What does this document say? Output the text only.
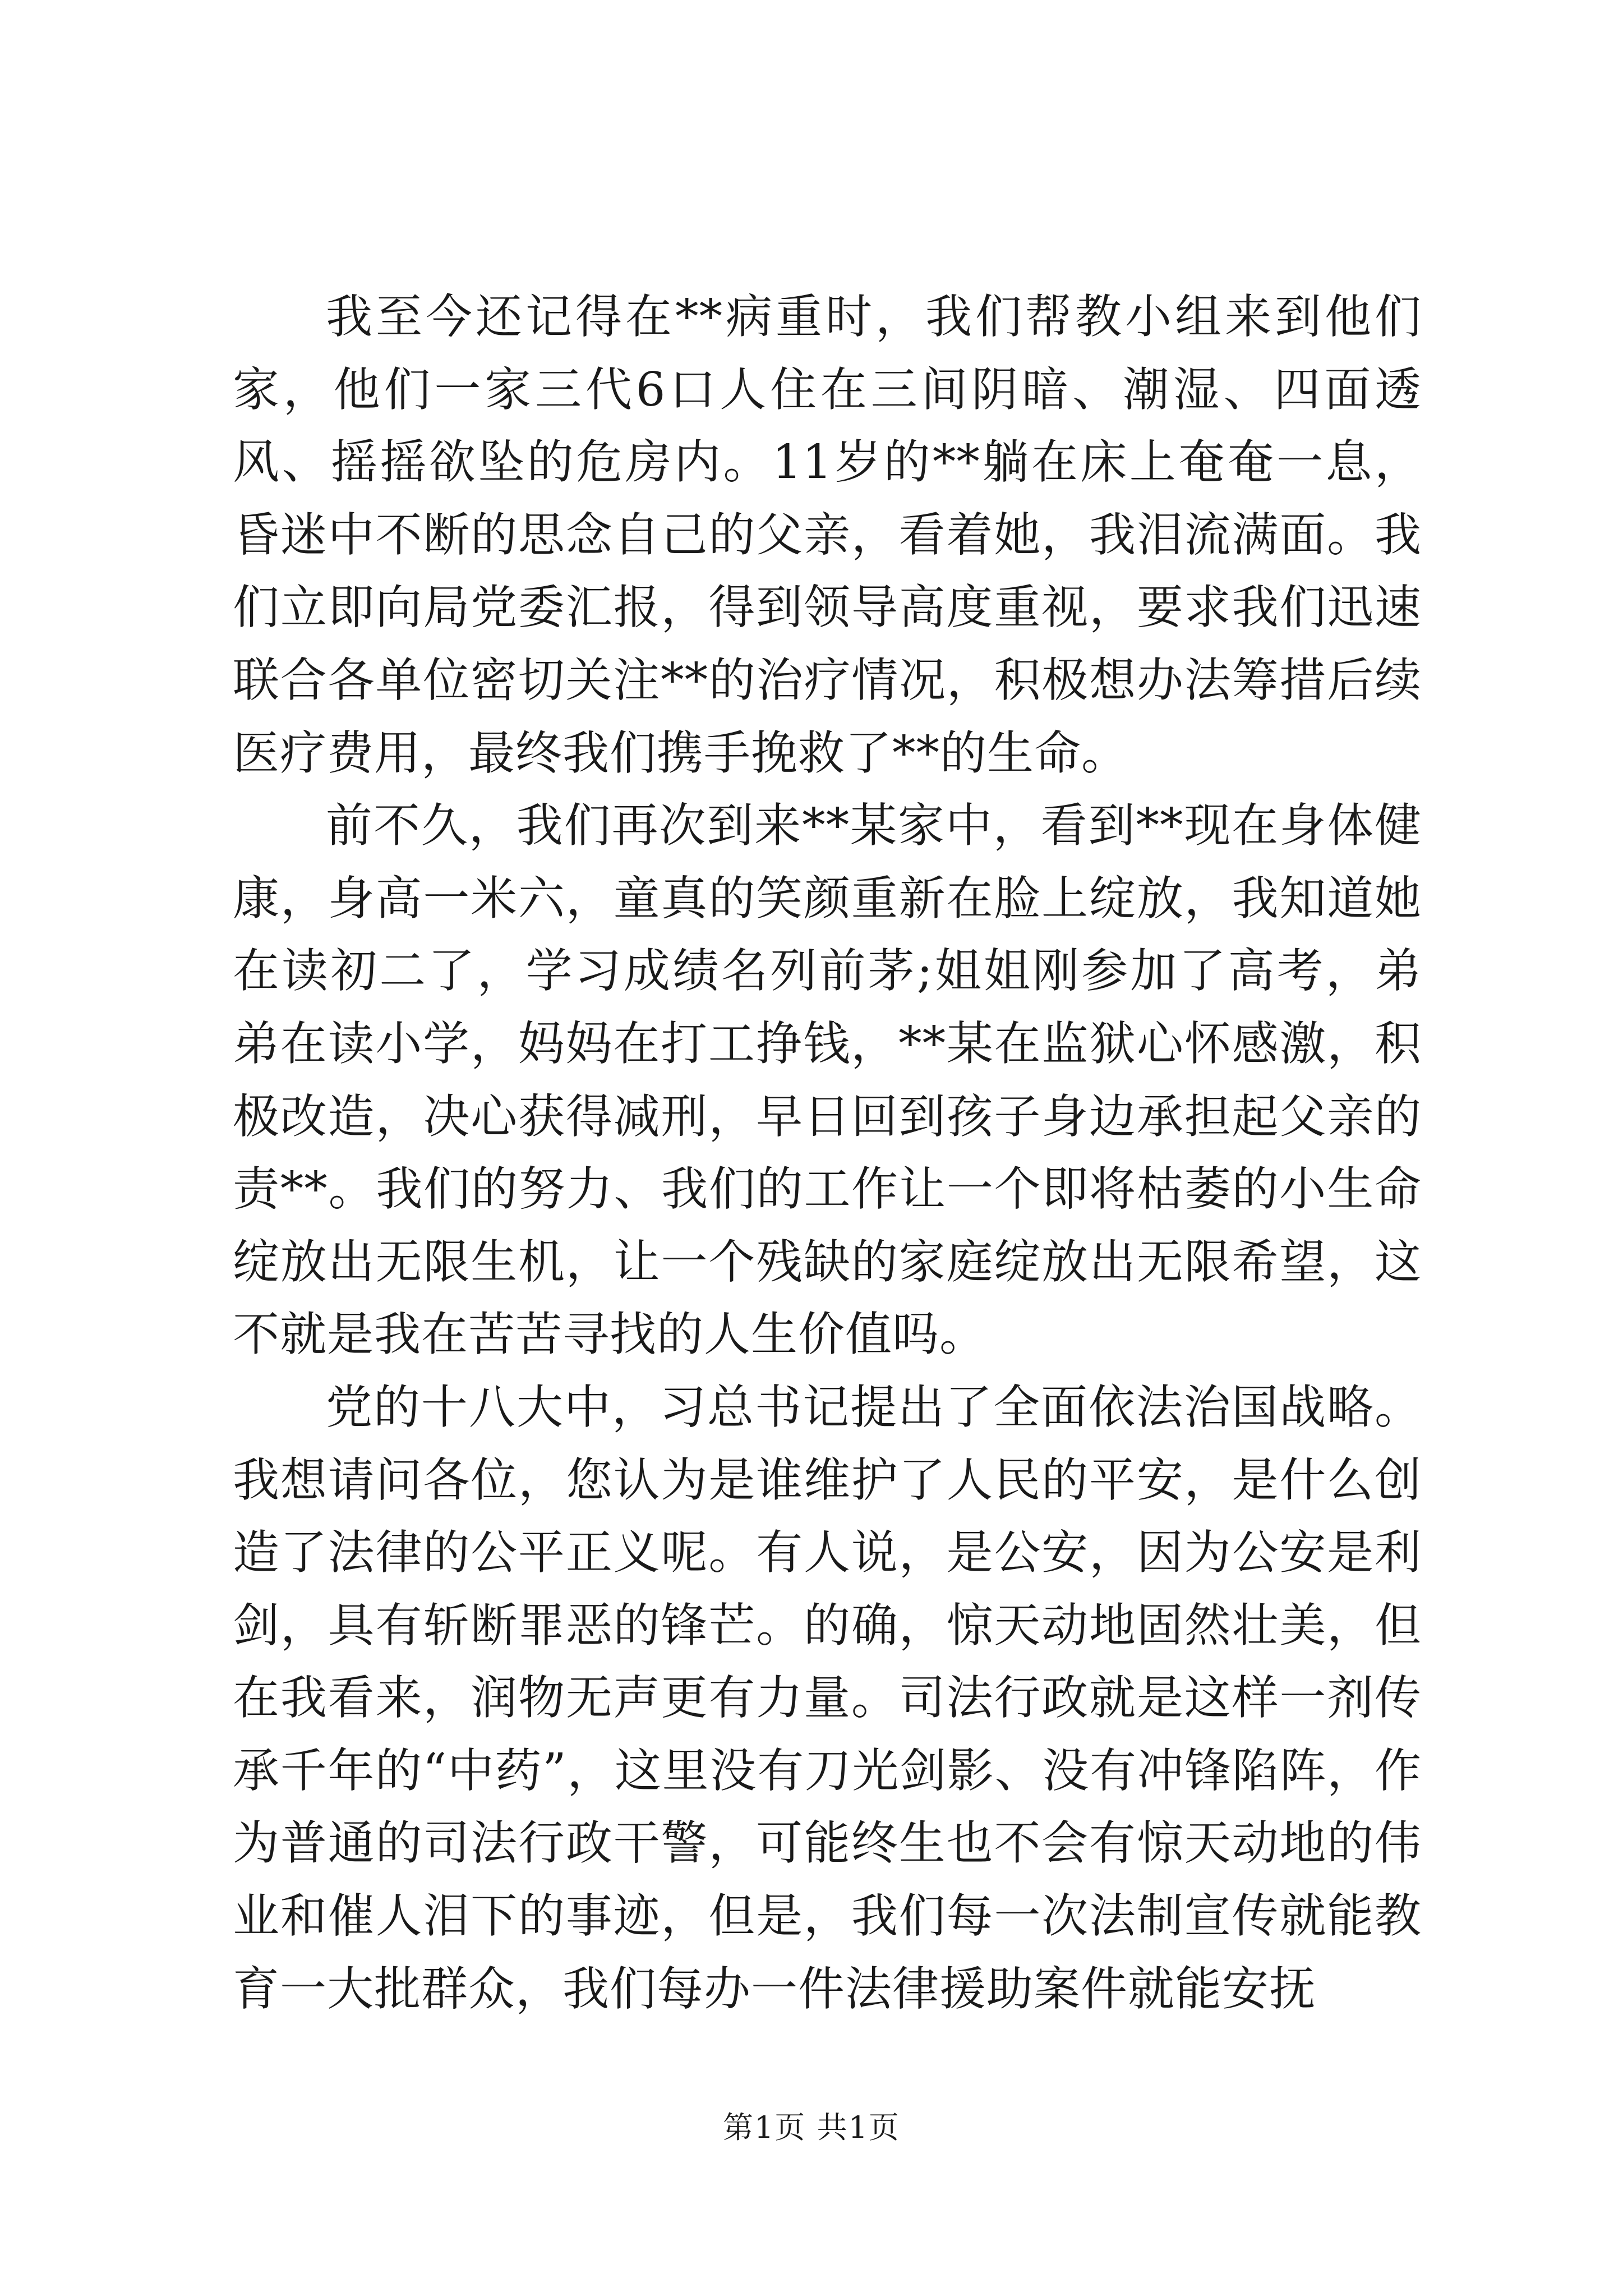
我至今还记得在**病重时，我们帮教小组来到他们家，他们一家三代6口人住在三间阴暗、潮湿、四面透风、摇摇欲坠的危房内。11岁的**躺在床上奄奄一息，昏迷中不断的思念自己的父亲，看着她，我泪流满面。我们立即向局党委汇报，得到领导高度重视，要求我们迅速联合各单位密切关注**的治疗情况，积极想办法筹措后续医疗费用，最终我们携手挽救了**的生命。

前不久，我们再次到来**某家中，看到**现在身体健康，身高一米六，童真的笑颜重新在脸上绽放，我知道她在读初二了，学习成绩名列前茅;姐姐刚参加了高考，弟弟在读小学，妈妈在打工挣钱，**某在监狱心怀感激，积极改造，决心获得减刑，早日回到孩子身边承担起父亲的责**。我们的努力、我们的工作让一个即将枯萎的小生命绽放出无限生机，让一个残缺的家庭绽放出无限希望，这不就是我在苦苦寻找的人生价值吗。

党的十八大中，习总书记提出了全面依法治国战略。我想请问各位，您认为是谁维护了人民的平安，是什么创造了法律的公平正义呢。有人说，是公安，因为公安是利剑，具有斩断罪恶的锋芒。的确，惊天动地固然壮美，但在我看来，润物无声更有力量。司法行政就是这样一剂传承千年的“中药”，这里没有刀光剑影、没有冲锋陷阵，作为普通的司法行政干警，可能终生也不会有惊天动地的伟业和催人泪下的事迹，但是，我们每一次法制宣传就能教育一大批群众，我们每办一件法律援助案件就能安抚

第1页 共1页
